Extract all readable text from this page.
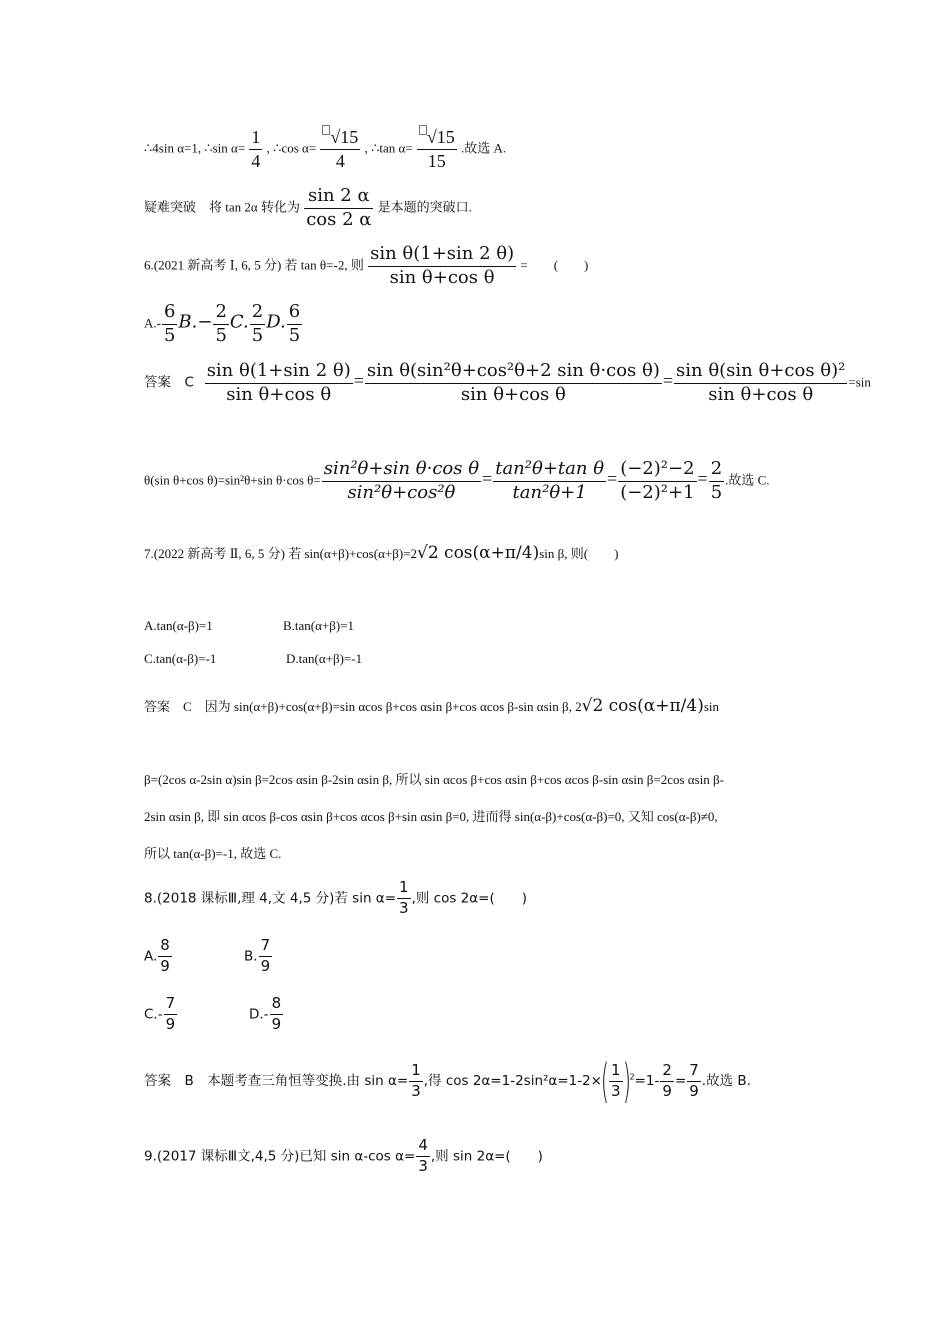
∴4sin α=1, ∴sin $\alpha= \frac{1}{4}$ , ∴cos $\alpha= \frac{√15}{4}$ , ∴tan $\alpha= \frac{√15}{15}$ .故选 A.
疑难突破　将 tan 2α 转化为 $\frac{\sin 2 \alpha}{\cos 2 \alpha}$ 是本题的突破口.
6.(2021 新高考 Ⅰ, 6, 5 分) 若 tan θ=-2, 则 $\frac{\text{sin θ(1+sin 2 θ)}}{\text{sin θ+cos θ}}$ =　　(　　)
$A.- \frac{6}{5} B.- \frac{2}{5} C$. $\frac{2}{5} D$. $\frac{6}{5}$
答案　C $\frac{\text{sin θ(1+sin 2 θ)}}{\text{sin θ+cos θ}} = \frac{\text{sin θ(sin²θ+cos²θ+2 sin θ·cos θ)}}{\text{sin θ+cos θ}} = \frac{\text{sin θ(sin θ+cos θ)²}}{\text{sin θ+cos θ}} =\sin$
θ(sin θ+cos θ)=sin²θ+sin θ·cos $\theta= \frac{\text{sin²θ+sin θ·cos θ}}{\text{sin²θ+cos²θ}} = \frac{\text{tan²θ+tan θ}}{\text{tan²θ+1}} = \frac{\text{(−2)²−2}}{\text{(−2)²+1}} = \frac{2}{5}$ .故选 C.
7.(2022 新高考 Ⅱ, 6, 5 分) 若 sin(α+β)+cos(α+β)=2√2 cos(α+π/4)sin β, 则(　　)
A.tan(α-β)=1	B.tan(α+β)=1
C.tan(α-β)=-1	D.tan(α+β)=-1
答案　C　因为 sin(α+β)+cos(α+β)=sin αcos β+cos αsin β+cos αcos β-sin αsin β, 2√2 cos(α+π/4)sin
β=(2cos α-2sin α)sin β=2cos αsin β-2sin αsin β, 所以 sin αcos β+cos αsin β+cos αcos β-sin αsin β=2cos αsin β-
2sin αsin β, 即 sin αcos β-cos αsin β+cos αcos β+sin αsin β=0, 进而得 sin(α-β)+cos(α-β)=0, 又知 cos(α-β)≠0,
所以 tan(α-β)=-1, 故选 C.
8.(2018 课标Ⅲ,理 4,文 4,5 分)若 $\sin \alpha= \frac{1}{3}$ ,则 cos 2α=(　　)
A. $\frac{8}{9}$	B. $\frac{7}{9}$
$C.- \frac{7}{9}$	$D.- \frac{8}{9}$
答案　B　本题考查三角恒等变换.由 $\sin \alpha= \frac{1}{3}$ ,得 $\cos 2\alpha=1-2\sin^2\alpha=1-2\times( \frac{1}{3} )^2=1- \frac{2}{9} = \frac{7}{9}$ .故选 B.
9.(2017 课标Ⅲ文,4,5 分)已知 sin α-cos $\alpha= \frac{4}{3}$ ,则 sin 2α=(　　)
